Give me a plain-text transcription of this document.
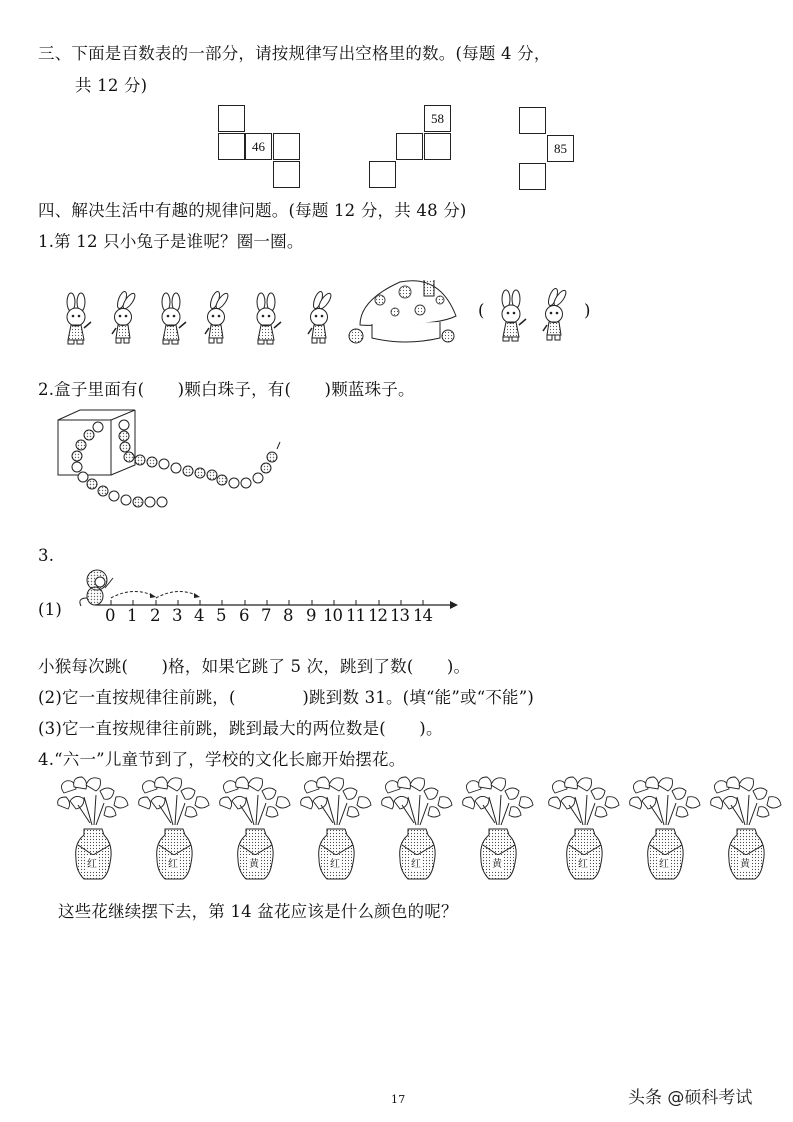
三、下面是百数表的一部分，请按规律写出空格里的数。(每题 4 分，
共 12 分)
46
58
85
四、解决生活中有趣的规律问题。(每题 12 分，共 48 分)
1.第 12 只小兔子是谁呢？圈一圈。
(	)
2.盒子里面有(　　)颗白珠子，有(　　)颗蓝珠子。
3.
(1)	0 1 2 3 4 5 6 7 8 9 10 11 12 13 14
小猴每次跳(　　)格，如果它跳了 5 次，跳到了数(　　)。
(2)它一直按规律往前跳，(　　　　)跳到数 31。(填“能”或“不能”)
(3)它一直按规律往前跳，跳到最大的两位数是(　　)。
4.“六一”儿童节到了，学校的文化长廊开始摆花。
红	红	黄	红	红	黄	红	红	黄
这些花继续摆下去，第 14 盆花应该是什么颜色的呢？
17	头条 @硕科考试
